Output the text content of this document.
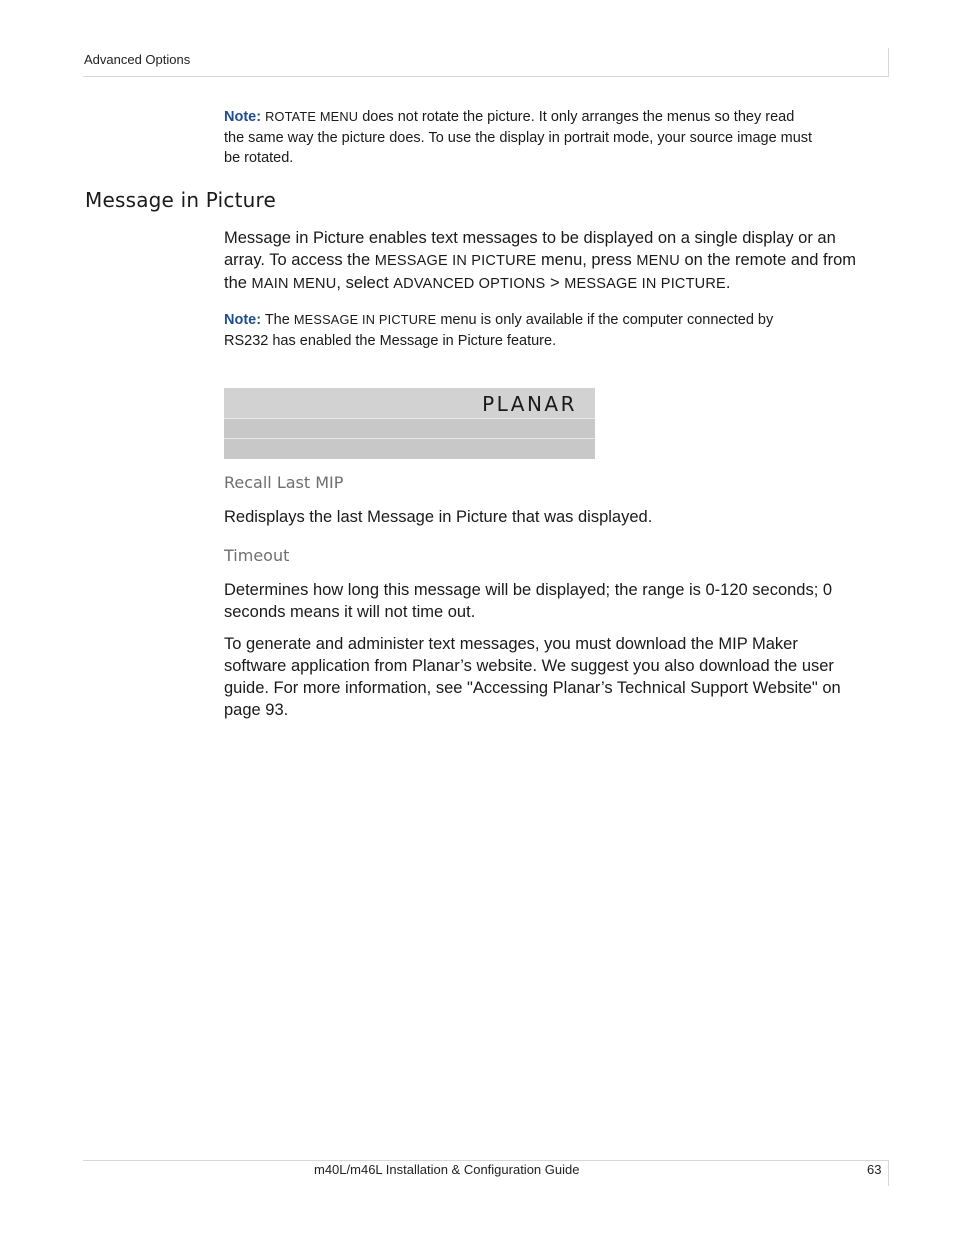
Advanced Options
Note: ROTATE MENU does not rotate the picture. It only arranges the menus so they read
the same way the picture does. To use the display in portrait mode, your source image must
be rotated.
Message in Picture

Message in Picture enables text messages to be displayed on a single display or an

array. To access the MESSAGE IN PICTURE menu, press MENU on the remote and from

the MAIN MENU, select ADVANCED OPTIONS > MESSAGE IN PICTURE.

Note: The MESSAGE IN PICTURE menu is only available if the computer connected by
RS232 has enabled the Message in Picture feature.
PLANAR
Recall Last MIP
Redisplays the last Message in Picture that was displayed.
Timeout

Determines how long this message will be displayed; the range is 0-120 seconds; 0

seconds means it will not time out.

To generate and administer text messages, you must download the MIP Maker

software application from Planar’s website. We suggest you also download the user

guide. For more information, see "Accessing Planar’s Technical Support Website" on

page 93.

m40L/m46L Installation & Configuration Guide	63
